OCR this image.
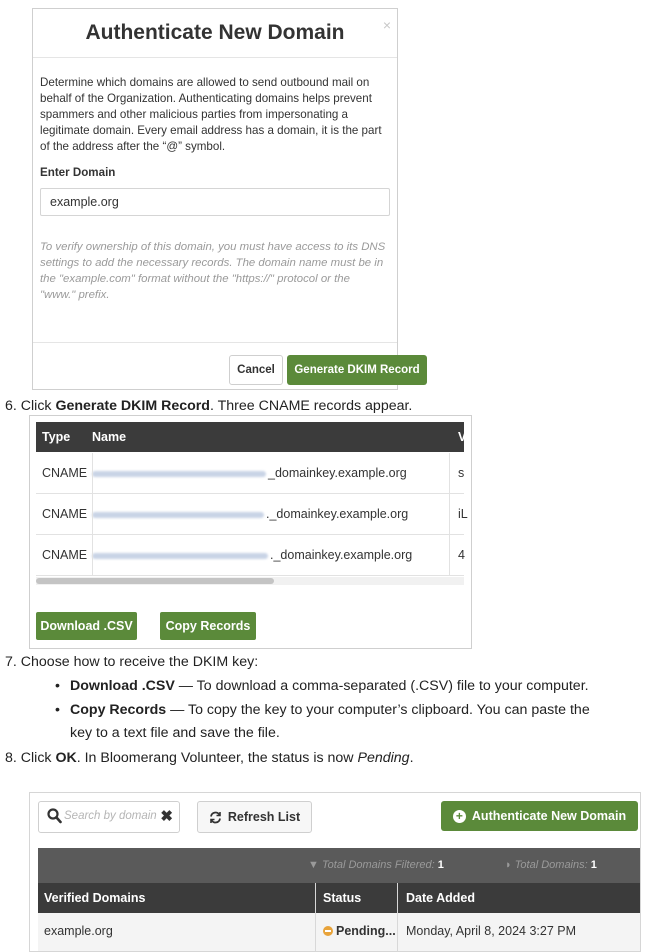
Authenticate New Domain	×
Determine which domains are allowed to send outbound mail on behalf of the Organization. Authenticating domains helps prevent spammers and other malicious parties from impersonating a legitimate domain. Every email address has a domain, it is the part of the address after the “@” symbol.
Enter Domain
example.org
To verify ownership of this domain, you must have access to its DNS settings to add the necessary records. The domain name must be in the "example.com" format without the "https://" protocol or the "www." prefix.
Cancel	Generate DKIM Record
6. Click Generate DKIM Record. Three CNAME records appear.
Type Name	V
CNAME	_domainkey.example.org	s
CNAME	._domainkey.example.org	iL
CNAME	._domainkey.example.org	4
Download .CSV	Copy Records
7. Choose how to receive the DKIM key:
• Download .CSV — To download a comma-separated (.CSV) file to your computer.
• Copy Records — To copy the key to your computer’s clipboard. You can paste the
key to a text file and save the file.
8. Click OK. In Bloomerang Volunteer, the status is now Pending.
Search by domain ✖	Refresh List	+ Authenticate New Domain
▼ Total Domains Filtered: 1	◗ Total Domains: 1
Verified Domains	Status	Date Added
example.org	Pending... Monday, April 8, 2024 3:27 PM
